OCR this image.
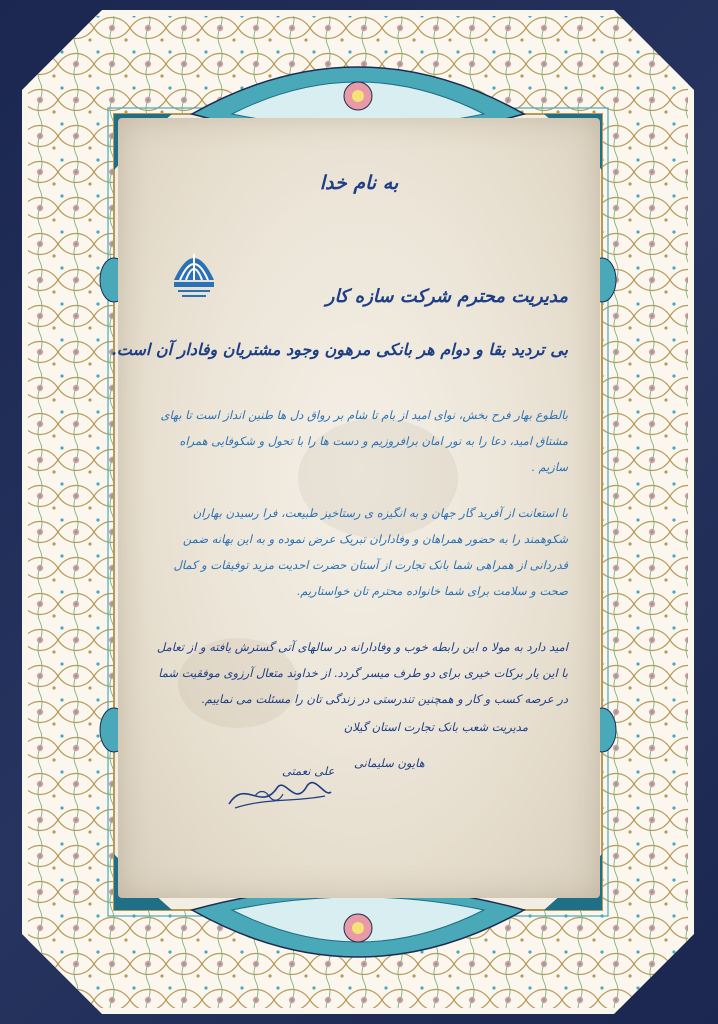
به نام خدا
مدیریت محترم شرکت سازه کار
بی تردید بقا و دوام هر بانکی مرهون وجود مشتریان وفادار آن است.
بالطوع بهار فرح بخش، نوای امید از بام تا شام بر رواق دل ها طنین انداز است تا بهای مشتاق امید، دعا را به نور امان برافروزیم و دست ها را با تحول و شکوفایی همراه سازیم .
با استعانت از آفرید گار جهان و به انگیزه ی رستاخیز طبیعت، فرا رسیدن بهاران شکوهمند را به حضور همراهان و وفاداران تبریک عرض نموده و به این بهانه ضمن قدردانی از همراهی شما بانک تجارت از آستان حضرت احدیت مزید توفیقات و کمال صحت و سلامت برای شما خانواده محترم تان خواستاریم.
امید دارد به مولا ه این رابطه خوب و وفادارانه در سالهای آتی گسترش یافته و از تعامل با این یار برکات خیری برای دو طرف میسر گردد. از خداوند متعال آرزوی موفقیت شما در عرصه کسب و کار و همچنین تندرستی در زندگی تان را مسئلت می نماییم.
مدیریت شعب بانک تجارت استان گیلان
هایون سلیمانی
علی نعمتی
